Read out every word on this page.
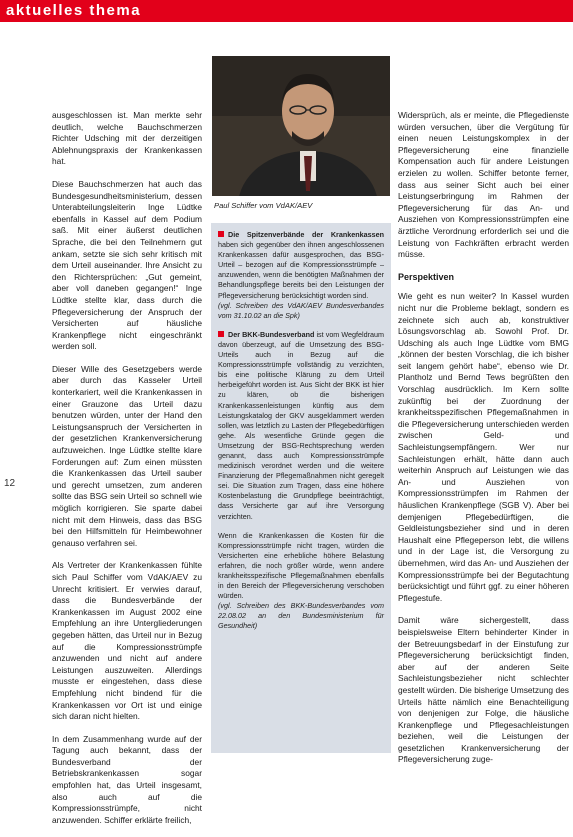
aktuelles thema
Paul Schiffer vom VdAK/AEV

ausgeschlossen ist. Man merkte sehr deutlich, welche Bauchschmerzen Richter Udsching mit der derzeitigen Ablehnungspraxis der Krankenkassen hat.

Diese Bauchschmerzen hat auch das Bundesgesundheitsministerium, dessen Unterabteilungsleiterin Inge Lüdtke ebenfalls in Kassel auf dem Podium saß. Mit einer äußerst deutlichen Sprache, die bei den Teilnehmern gut ankam, setzte sie sich sehr kritisch mit dem Urteil auseinander. Ihre Ansicht zu den Richtersprüchen: „Gut gemeint, aber voll daneben gegangen!“ Inge Lüdtke stellte klar, dass durch die Pflegeversicherung der Anspruch der Versicherten auf häusliche Krankenpflege nicht eingeschränkt werden soll.

Dieser Wille des Gesetzgebers werde aber durch das Kasseler Urteil konterkariert, weil die Krankenkassen in einer Grauzone das Urteil dazu benutzen würden, unter der Hand den Leistungsanspruch der Versicherten in der gesetzlichen Krankenversicherung aufzuweichen. Inge Lüdtke stellte klare Forderungen auf: Zum einen müssten die Krankenkassen das Urteil sauber und gerecht umsetzen, zum anderen sollte das BSG sein Urteil so schnell wie möglich korrigieren. Sie sparte dabei nicht mit dem Hinweis, dass das BSG bei den Hilfsmitteln für Heimbewohner genauso verfahren sei.

Als Vertreter der Krankenkassen fühlte sich Paul Schiffer vom VdAK/AEV zu Unrecht kritisiert. Er verwies darauf, dass die Bundesverbände der Krankenkassen im August 2002 eine Empfehlung an ihre Untergliederungen gegeben hätten, das Urteil nur in Bezug auf die Kompressionsstrümpfe anzuwenden und nicht auf andere Leistungen auszuweiten. Allerdings musste er eingestehen, dass diese Empfehlung nicht bindend für die Krankenkassen vor Ort ist und einige sich daran nicht hielten.

In dem Zusammenhang wurde auf der Tagung auch bekannt, dass der Bundesverband der Betriebskrankenkassen sogar empfohlen hat, das Urteil insgesamt, also auch auf die Kompressionsstrümpfe, nicht anzuwenden. Schiffer erklärte freilich,

12

Die Spitzenverbände der Krankenkassen haben sich gegenüber den ihnen angeschlossenen Krankenkassen dafür ausgesprochen, das BSG-Urteil – bezogen auf die Kompressionsstrümpfe – anzuwenden, wenn die benötigten Maßnahmen der Behandlungspflege bereits bei den Leistungen der Pflegeversicherung berücksichtigt worden sind.
(vgl. Schreiben des VdAK/AEV Bundesverbandes vom 31.10.02 an die Spk)

Der BKK-Bundesverband ist vom Wegfeldraum davon überzeugt, auf die Umsetzung des BSG-Urteils auch in Bezug auf die Kompressionsstrümpfe vollständig zu verzichten, bis eine politische Klärung zu dem Urteil herbeigeführt worden ist. Aus Sicht der BKK ist hier zu klären, ob die bisherigen Krankenkassenleistungen künftig aus dem Leistungskatalog der GKV ausgeklammert werden sollen, was letztlich zu Lasten der Pflegebedürftigen gehe. Als wesentliche Gründe gegen die Umsetzung der BSG-Rechtsprechung werden genannt, dass auch Kompressionsstrümpfe medizinisch verordnet werden und die weitere Finanzierung der Pflegemaßnahmen nicht geregelt sei. Die Situation zum Tragen, dass eine höhere Kostenbelastung die Grundpflege beeinträchtigt, dass Versicherte gar auf ihre Versorgung verzichten.

Wenn die Krankenkassen die Kosten für die Kompressionsstrümpfe nicht tragen, würden die Versicherten eine erhebliche höhere Belastung erfahren, die noch größer würde, wenn andere krankheitsspezifische Pflegemaßnahmen ebenfalls in den Bereich der Pflegeversicherung verschoben würden.
(vgl. Schreiben des BKK-Bundesverbandes vom 22.08.02 an den Bundesministerium für Gesundheit)

Widersprüch, als er meinte, die Pflegedienste würden versuchen, über die Vergütung für einen neuen Leistungskomplex in der Pflegeversicherung eine finanzielle Kompensation auch für andere Leistungen erzielen zu wollen. Schiffer betonte ferner, dass aus seiner Sicht auch bei einer Leistungserbringung im Rahmen der Pflegeversicherung für das An- und Ausziehen von Kompressionsstrümpfen eine ärztliche Verordnung erforderlich sei und die Leistung von Fachkräften erbracht werden müsse.

Perspektiven

Wie geht es nun weiter? In Kassel wurden nicht nur die Probleme beklagt, sondern es zeichnete sich auch ab, konstruktiver Lösungsvorschlag ab. Sowohl Prof. Dr. Udsching als auch Inge Lüdtke vom BMG „können der besten Vorschlag, die ich bisher seit langem gehört habe“, ebenso wie Dr. Plantholz und Bernd Tews begrüßten den Vorschlag ausdrücklich. Im Kern sollte zukünftig bei der Zuordnung der krankheitsspezifischen Pflegemaßnahmen in die Pflegeversicherung unterschieden werden zwischen Geld- und Sachleistungsempfängern. Wer nur Sachleistungen erhält, hätte dann auch weiterhin Anspruch auf Leistungen wie das An- und Ausziehen von Kompressionsstrümpfen im Rahmen der häuslichen Krankenpflege (SGB V). Aber bei demjenigen Pflegebedürftigen, die Geldleistungsbezieher sind und in deren Haushalt eine Pflegeperson lebt, die willens und in der Lage ist, die Versorgung zu übernehmen, wird das An- und Ausziehen der Kompressionsstrümpfe bei der Begutachtung berücksichtigt und führt ggf. zu einer höheren Pflegestufe.

Damit wäre sichergestellt, dass beispielsweise Eltern behinderter Kinder in der Betreuungsbedarf in der Einstufung zur Pflegeversicherung berücksichtigt finden, aber auf der anderen Seite Sachleistungsbezieher nicht schlechter gestellt würden. Die bisherige Umsetzung des Urteils hätte nämlich eine Benachteiligung von denjenigen zur Folge, die häusliche Krankenpflege und Pflegesachleistungen beziehen, weil die Leistungen der gesetzlichen Krankenversicherung der Pflegeversicherung zuge-
